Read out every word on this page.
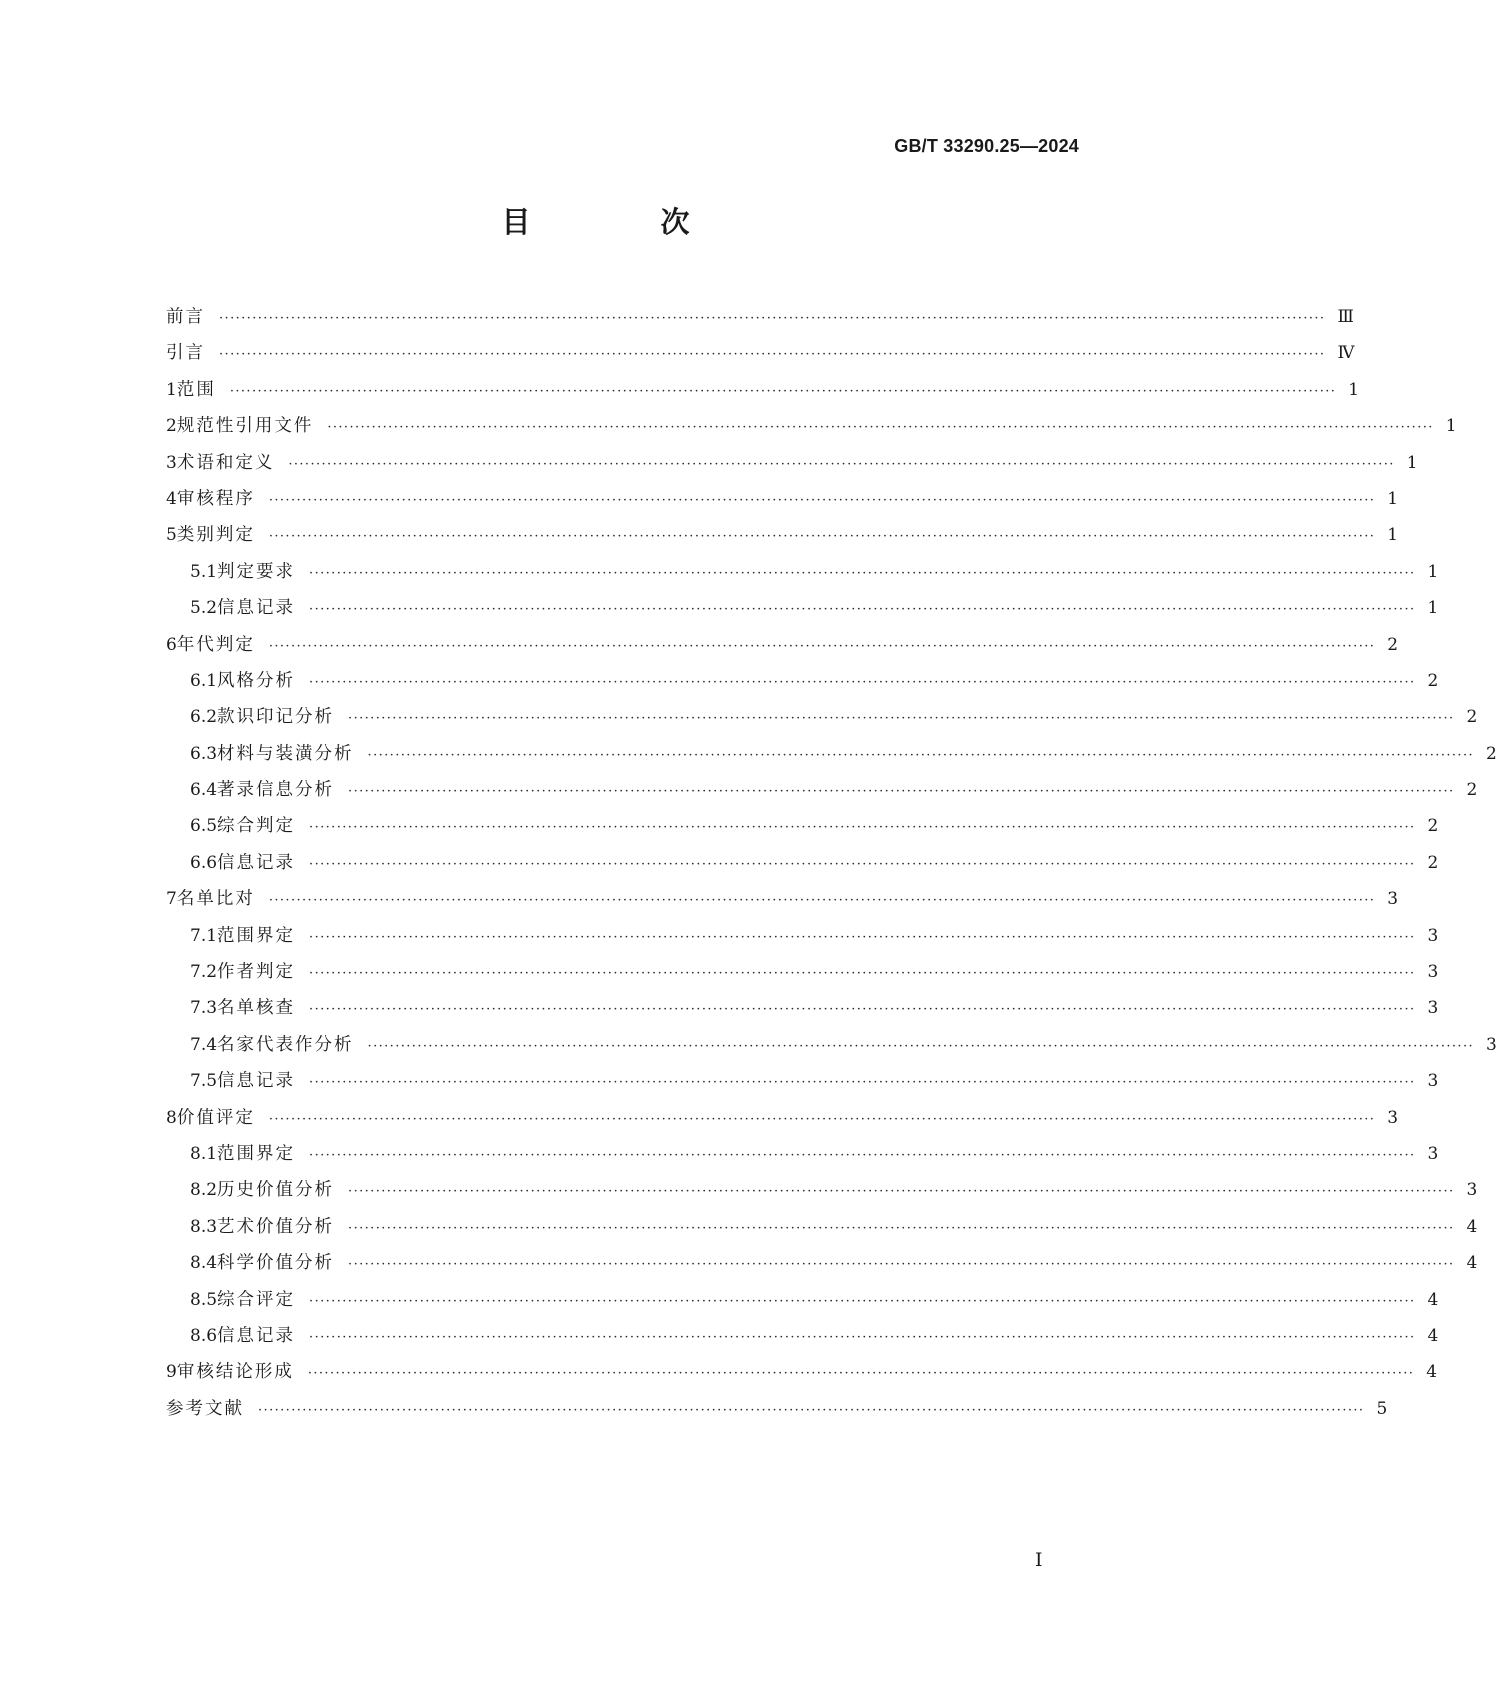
GB/T 33290.25—2024
目 次
前言 ········································································································································································································ Ⅲ
引言 ········································································································································································································ Ⅳ
1 范围 ········································································································································································································ 1
2 规范性引用文件 ········································································································································································································ 1
3 术语和定义 ········································································································································································································ 1
4 审核程序 ········································································································································································································ 1
5 类别判定 ········································································································································································································ 1
5.1 判定要求 ········································································································································································································ 1
5.2 信息记录 ········································································································································································································ 1
6 年代判定 ········································································································································································································ 2
6.1 风格分析 ········································································································································································································ 2
6.2 款识印记分析 ········································································································································································································ 2
6.3 材料与装潢分析 ········································································································································································································ 2
6.4 著录信息分析 ········································································································································································································ 2
6.5 综合判定 ········································································································································································································ 2
6.6 信息记录 ········································································································································································································ 2
7 名单比对 ········································································································································································································ 3
7.1 范围界定 ········································································································································································································ 3
7.2 作者判定 ········································································································································································································ 3
7.3 名单核查 ········································································································································································································ 3
7.4 名家代表作分析 ········································································································································································································ 3
7.5 信息记录 ········································································································································································································ 3
8 价值评定 ········································································································································································································ 3
8.1 范围界定 ········································································································································································································ 3
8.2 历史价值分析 ········································································································································································································ 3
8.3 艺术价值分析 ········································································································································································································ 4
8.4 科学价值分析 ········································································································································································································ 4
8.5 综合评定 ········································································································································································································ 4
8.6 信息记录 ········································································································································································································ 4
9 审核结论形成 ········································································································································································································ 4
参考文献 ········································································································································································································ 5
I
